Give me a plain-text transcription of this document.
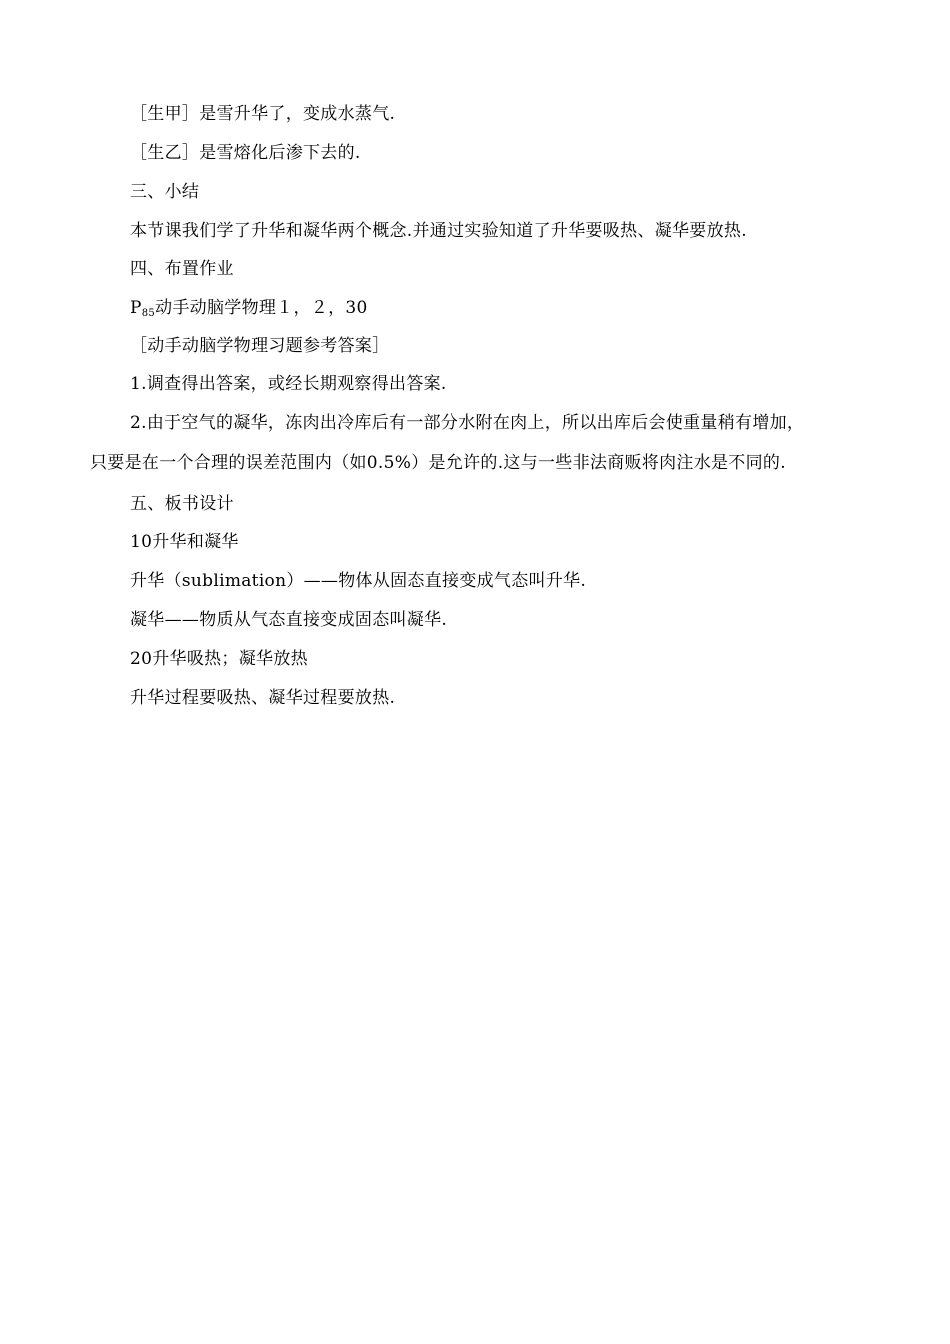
［生甲］是雪升华了，变成水蒸气.
［生乙］是雪熔化后渗下去的.
三、小结
本节课我们学了升华和凝华两个概念.并通过实验知道了升华要吸热、凝华要放热.
四、布置作业
$P_{85}$动手动脑学物理１，２，30
［动手动脑学物理习题参考答案］
1.调查得出答案，或经长期观察得出答案.
2.由于空气的凝华，冻肉出冷库后有一部分水附在肉上，所以出库后会使重量稍有增加，
只要是在一个合理的误差范围内（如0.5%）是允许的.这与一些非法商贩将肉注水是不同的.
五、板书设计
10升华和凝华
升华（sublimation）——物体从固态直接变成气态叫升华.
凝华——物质从气态直接变成固态叫凝华.
20升华吸热；凝华放热
升华过程要吸热、凝华过程要放热.
